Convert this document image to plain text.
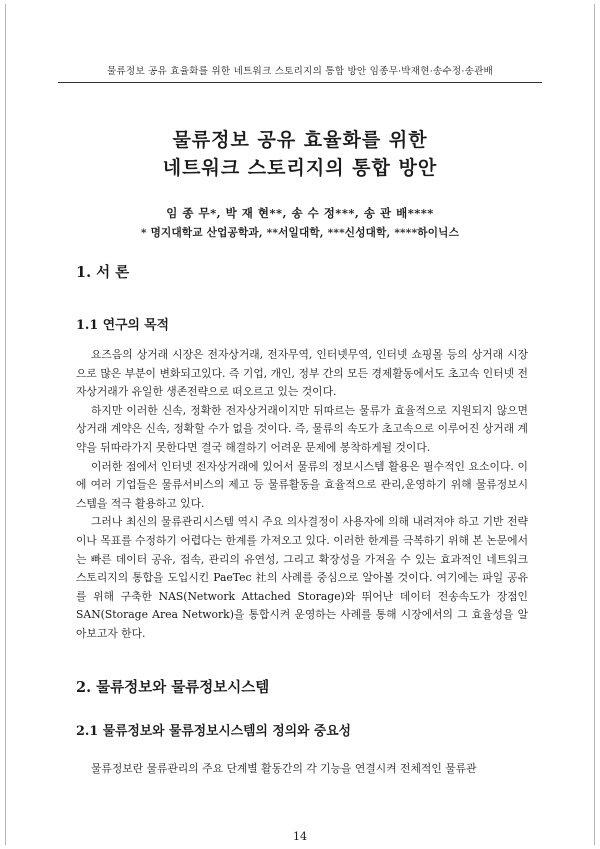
물류정보 공유 효율화를 위한 네트워크 스토리지의 통합 방안 임종무·박재현·송수정·송관배
물류정보 공유 효율화를 위한
네트워크 스토리지의 통합 방안
임 종 무*, 박 재 현**, 송 수 정***, 송 관 배****
* 명지대학교 산업공학과, **서일대학, ***신성대학, ****하이닉스
1. 서 론
1.1 연구의 목적

요즈음의 상거래 시장은 전자상거래, 전자무역, 인터넷무역, 인터넷 쇼핑몰 등의 상거래 시장으로 많은 부분이 변화되고있다. 즉 기업, 개인, 정부 간의 모든 경제활동에서도 초고속 인터넷 전자상거래가 유일한 생존전략으로 떠오르고 있는 것이다.

하지만 이러한 신속, 정확한 전자상거래이지만 뒤따르는 물류가 효율적으로 지원되지 않으면 상거래 계약은 신속, 정확할 수가 없을 것이다. 즉, 물류의 속도가 초고속으로 이루어진 상거래 계약을 뒤따라가지 못한다면 결국 해결하기 어려운 문제에 봉착하게될 것이다.

이러한 점에서 인터넷 전자상거래에 있어서 물류의 정보시스템 활용은 필수적인 요소이다. 이에 여러 기업들은 물류서비스의 제고 등 물류활동을 효율적으로 관리,운영하기 위해 물류정보시스템을 적극 활용하고 있다.

그러나 최신의 물류관리시스템 역시 주요 의사결정이 사용자에 의해 내려져야 하고 기반 전략이나 목표를 수정하기 어렵다는 한계를 가져오고 있다. 이러한 한계를 극복하기 위해 본 논문에서는 빠른 데이터 공유, 접속, 관리의 유연성, 그리고 확장성을 가져올 수 있는 효과적인 네트워크 스토리지의 통합을 도입시킨 PaeTec 社의 사례를 중심으로 알아볼 것이다. 여기에는 파일 공유를 위해 구축한 NAS(Network Attached Storage)와 뛰어난 데이터 전송속도가 장점인 SAN(Storage Area Network)을 통합시켜 운영하는 사례를 통해 시장에서의 그 효율성을 알아보고자 한다.

2. 물류정보와 물류정보시스템
2.1 물류정보와 물류정보시스템의 정의와 중요성

물류정보란 물류관리의 주요 단계별 활동간의 각 기능을 연결시켜 전체적인 물류관

14
